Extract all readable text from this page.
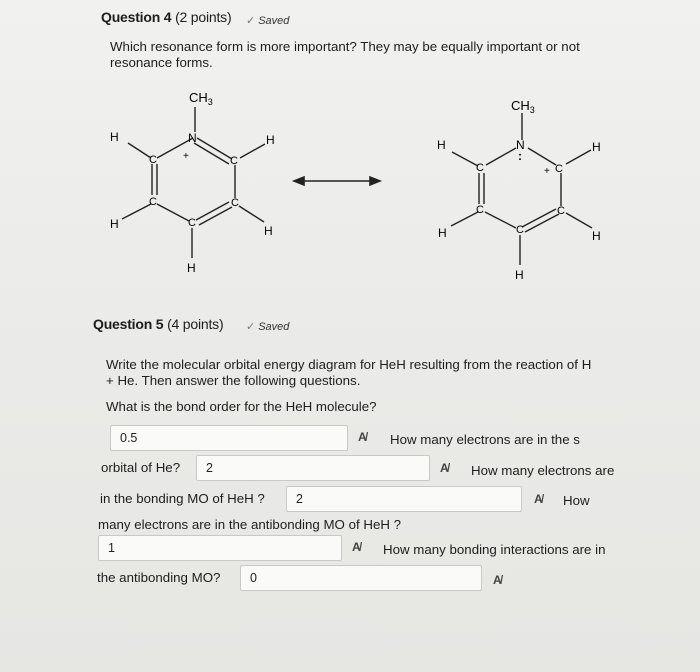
Question 4 (2 points) ✓ Saved
Which resonance form is more important? They may be equally important or not
resonance forms.
$CH_3$
N
+
H
C	C
H
C	C
H	H
C
H
$CH_3$
N
:
H
C	+ C
H
C	C
H	H
C
H
Question 5 (4 points) ✓ Saved
Write the molecular orbital energy diagram for HeH resulting from the reaction of H
+ He. Then answer the following questions.
What is the bond order for the HeH molecule?
0.5	A̸ How many electrons are in the s
orbital of He?	2	A̸ How many electrons are
in the bonding MO of HeH ?	2	A̸ How
many electrons are in the antibonding MO of HeH ?
1	A̸ How many bonding interactions are in
the antibonding MO?	0	A̸
